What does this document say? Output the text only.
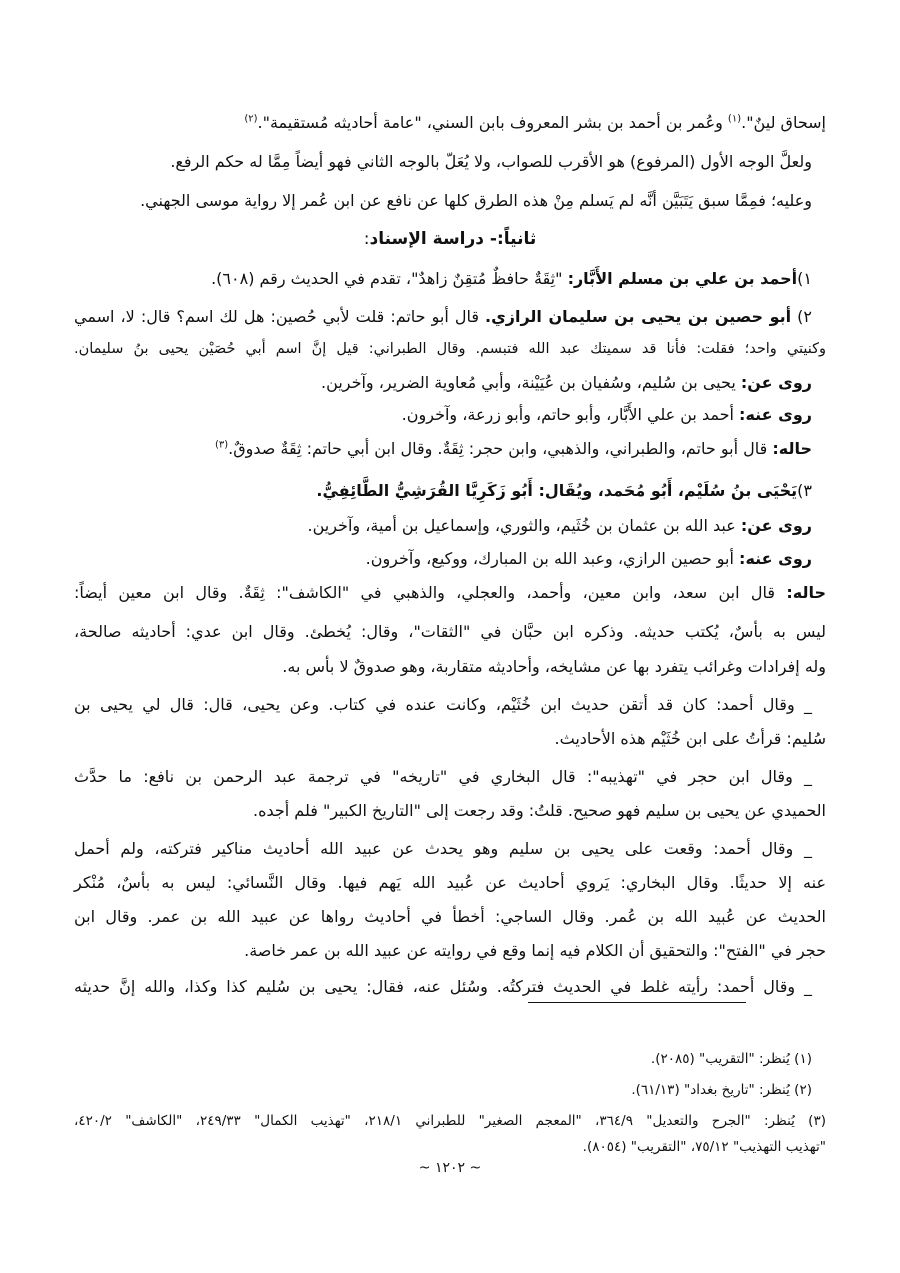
إسحاق لينٌ".$^{(١)}$ وعُمر بن أحمد بن بشر المعروف بابن السني، "عامة أحاديثه مُستقيمة".$^{(٢)}$

ولعلَّ الوجه الأول (المرفوع) هو الأقرب للصواب، ولا يُعَلّ بالوجه الثاني فهو أيضاً مِمَّا له حكم الرفع.

وعليه؛ فمِمَّا سبق يَتَبَيَّن أنَّه لم يَسلم مِنْ هذه الطرق كلها عن نافع عن ابن عُمر إلا رواية موسى الجهني.

ثانياً:- دراسة الإسناد:

١)أحمد بن علي بن مسلم الأَبَّار: "ثِقَةٌ حافظٌ مُتقِنٌ زاهدٌ"، تقدم في الحديث رقم (٦٠٨).

٢) أبو حصين بن يحيى بن سليمان الرازي. قال أبو حاتم: قلت لأبي حُصين: هل لك اسم؟ قال: لا، اسمي

وكنيتي واحد؛ فقلت: فأنا قد سميتك عبد الله فتبسم. وقال الطبراني: قيل إنَّ اسم أبي حُصَيْن يحيى بنُ سليمان.

روى عن: يحيى بن سُليم، وسُفيان بن عُيَيْنة، وأبي مُعاوية الضرير، وآخرين.

روى عنه: أحمد بن علي الأَبَّار، وأبو حاتم، وأبو زرعة، وآخرون.

حاله: قال أبو حاتم، والطبراني، والذهبي، وابن حجر: ثِقَةٌ. وقال ابن أبي حاتم: ثِقَةٌ صدوقٌ.$^{(٣)}$

٣)يَحْيَى بنُ سُلَيْم، أَبُو مُحَمد، ويُقَال: أَبُو زَكَرِيَّا القُرَشِيُّ الطَّائِفِيُّ.

روى عن: عبد الله بن عثمان بن خُثَيم، والثوري، وإسماعيل بن أمية، وآخرين.

روى عنه: أبو حصين الرازي، وعبد الله بن المبارك، ووكيع، وآخرون.

حاله: قال ابن سعد، وابن معين، وأحمد، والعجلي، والذهبي في "الكاشف": ثِقَةٌ. وقال ابن معين أيضاً:

ليس به بأسٌ، يُكتب حديثه. وذكره ابن حبَّان في "الثقات"، وقال: يُخطئ. وقال ابن عدي: أحاديثه صالحة،

وله إفرادات وغرائب يتفرد بها عن مشايخه، وأحاديثه متقاربة، وهو صدوقٌ لا بأس به.

_ وقال أحمد: كان قد أتقن حديث ابن خُثَيْم، وكانت عنده في كتاب. وعن يحيى، قال: قال لي يحيى بن

سُليم: قرأتُ على ابن خُثَيْم هذه الأحاديث.

_ وقال ابن حجر في "تهذيبه": قال البخاري في "تاريخه" في ترجمة عبد الرحمن بن نافع: ما حدَّث

الحميدي عن يحيى بن سليم فهو صحيح. قلتُ: وقد رجعت إلى "التاريخ الكبير" فلم أجده.

_ وقال أحمد: وقعت على يحيى بن سليم وهو يحدث عن عبيد الله أحاديث مناكير فتركته، ولم أحمل

عنه إلا حديثًا. وقال البخاري: يَروي أحاديث عن عُبيد الله يَهم فيها. وقال النَّسائي: ليس به بأسٌ، مُنْكر

الحديث عن عُبيد الله بن عُمر. وقال الساجي: أخطأ في أحاديث رواها عن عبيد الله بن عمر. وقال ابن

حجر في "الفتح": والتحقيق أن الكلام فيه إنما وقع في روايته عن عبيد الله بن عمر خاصة.

_ وقال أحمد: رأيته غلط في الحديث فتركتُه. وسُئل عنه، فقال: يحيى بن سُليم كذا وكذا، والله إنَّ حديثه

(١) يُنظر: "التقريب" (٢٠٨٥).
(٢) يُنظر: "تاريخ بغداد" (٦١/١٣).
(٣) يُنظر: "الجرح والتعديل" ٣٦٤/٩، "المعجم الصغير" للطبراني ٢١٨/١، "تهذيب الكمال" ٢٤٩/٣٣، "الكاشف" ٤٢٠/٢،
"تهذيب التهذيب" ٧٥/١٢، "التقريب" (٨٠٥٤).
~ ١٢٠٢ ~
